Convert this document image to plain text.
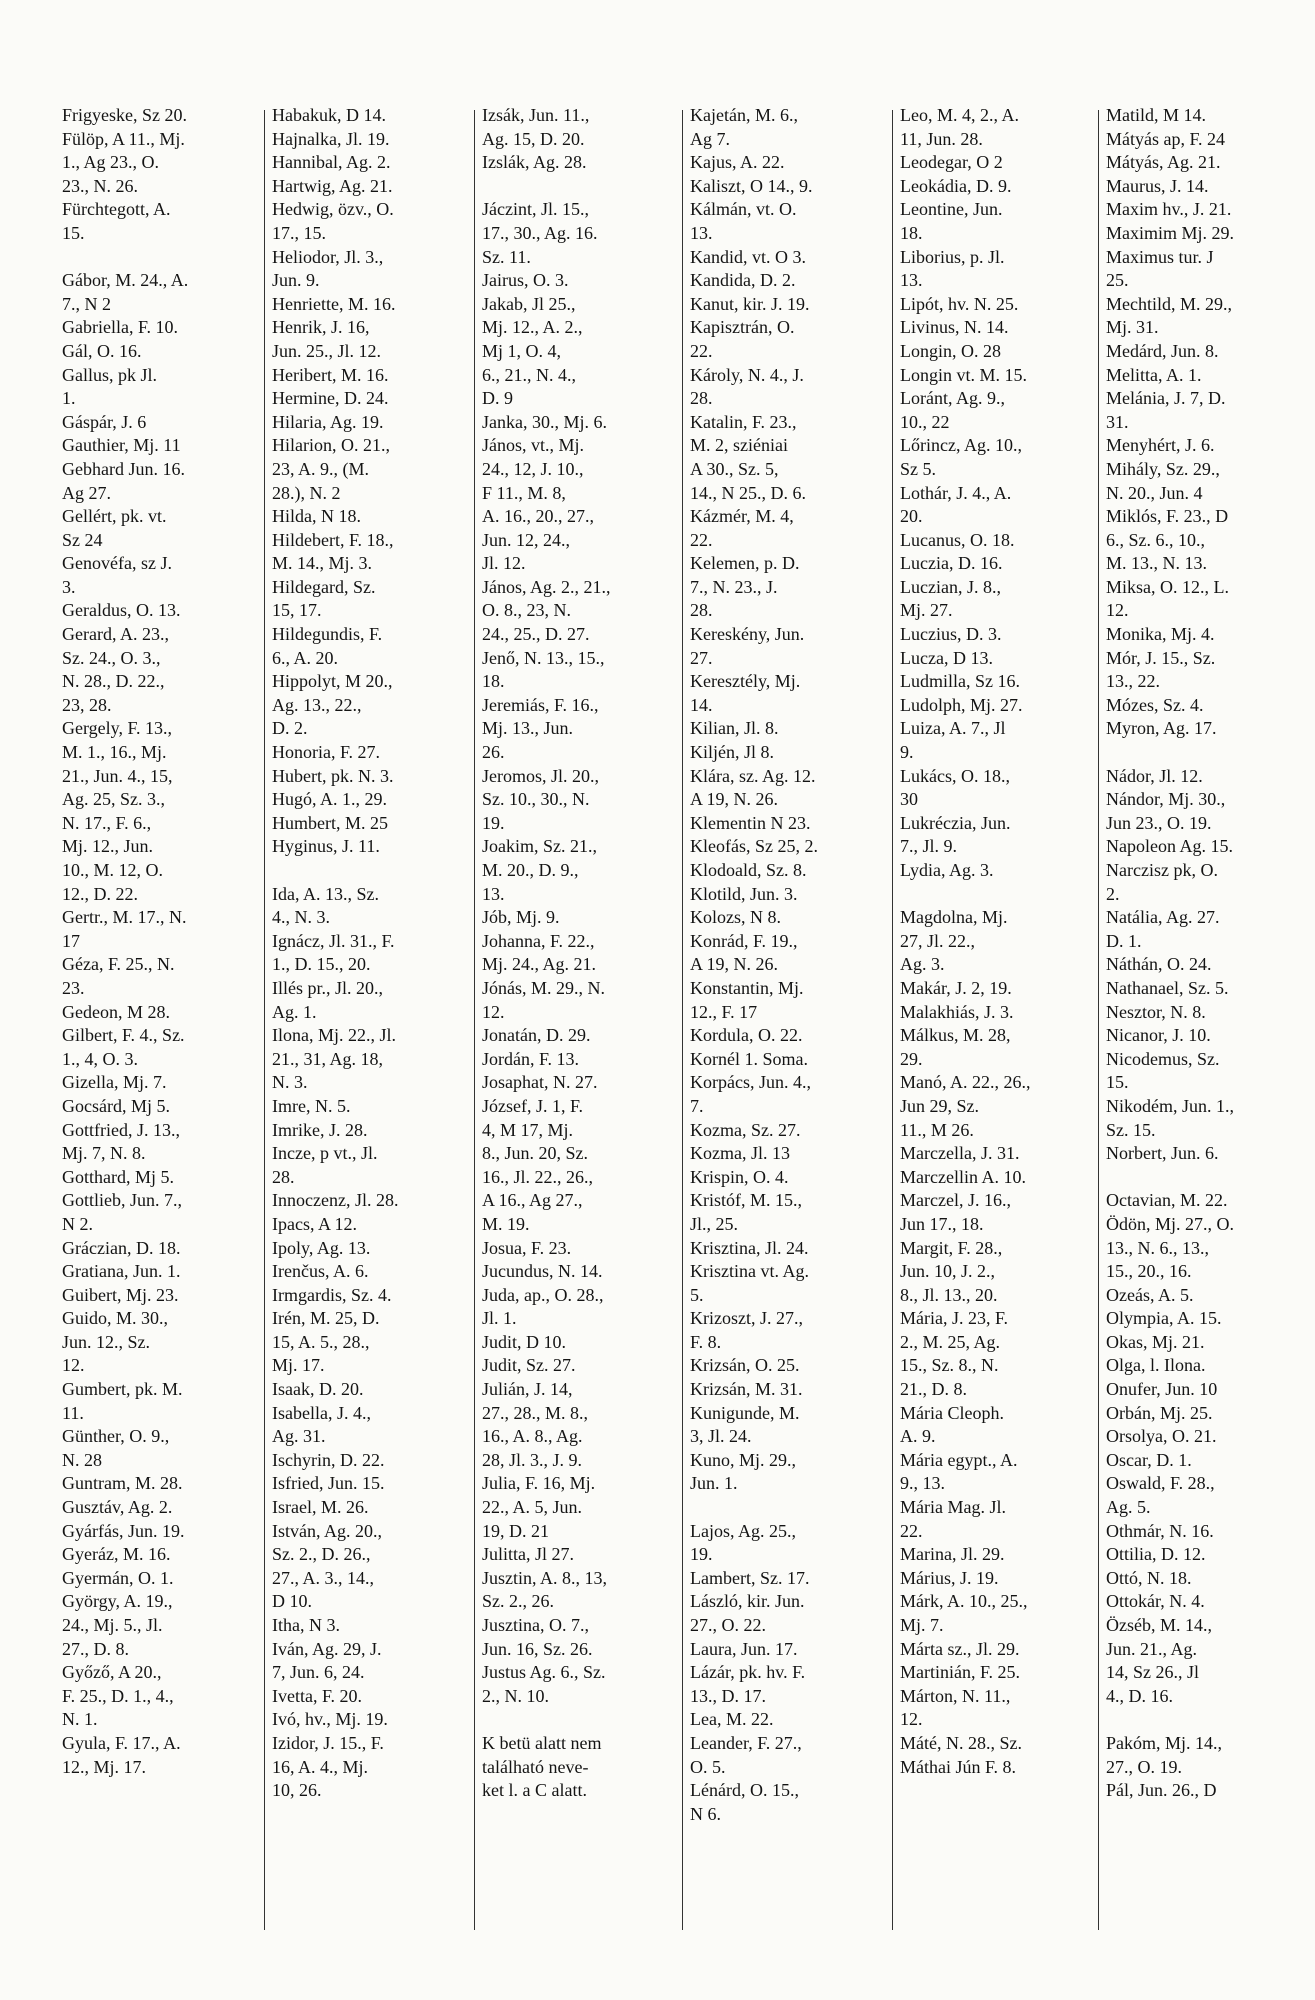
Frigyeske, Sz 20.
Fülöp, A 11., Mj.
1., Ag 23., O.
23., N. 26.
Fürchtegott, A.
15.
Gábor, M. 24., A.
7., N 2
Gabriella, F. 10.
Gál, O. 16.
Gallus, pk Jl.
1.
Gáspár, J. 6
Gauthier, Mj. 11
Gebhard Jun. 16.
Ag 27.
Gellért, pk. vt.
Sz 24
Genovéfa, sz J.
3.
Geraldus, O. 13.
Gerard, A. 23.,
Sz. 24., O. 3.,
N. 28., D. 22.,
23, 28.
Gergely, F. 13.,
M. 1., 16., Mj.
21., Jun. 4., 15,
Ag. 25, Sz. 3.,
N. 17., F. 6.,
Mj. 12., Jun.
10., M. 12, O.
12., D. 22.
Gertr., M. 17., N.
17
Géza, F. 25., N.
23.
Gedeon, M 28.
Gilbert, F. 4., Sz.
1., 4, O. 3.
Gizella, Mj. 7.
Gocsárd, Mj 5.
Gottfried, J. 13.,
Mj. 7, N. 8.
Gotthard, Mj 5.
Gottlieb, Jun. 7.,
N 2.
Gráczian, D. 18.
Gratiana, Jun. 1.
Guibert, Mj. 23.
Guido, M. 30.,
Jun. 12., Sz.
12.
Gumbert, pk. M.
11.
Günther, O. 9.,
N. 28
Guntram, M. 28.
Gusztáv, Ag. 2.
Gyárfás, Jun. 19.
Gyeráz, M. 16.
Gyermán, O. 1.
György, A. 19.,
24., Mj. 5., Jl.
27., D. 8.
Győző, A 20.,
F. 25., D. 1., 4.,
N. 1.
Gyula, F. 17., A.
12., Mj. 17.
Habakuk, D 14.
Hajnalka, Jl. 19.
Hannibal, Ag. 2.
Hartwig, Ag. 21.
Hedwig, özv., O.
17., 15.
Heliodor, Jl. 3.,
Jun. 9.
Henriette, M. 16.
Henrik, J. 16,
Jun. 25., Jl. 12.
Heribert, M. 16.
Hermine, D. 24.
Hilaria, Ag. 19.
Hilarion, O. 21.,
23, A. 9., (M.
28.), N. 2
Hilda, N 18.
Hildebert, F. 18.,
M. 14., Mj. 3.
Hildegard, Sz.
15, 17.
Hildegundis, F.
6., A. 20.
Hippolyt, M 20.,
Ag. 13., 22.,
D. 2.
Honoria, F. 27.
Hubert, pk. N. 3.
Hugó, A. 1., 29.
Humbert, M. 25
Hyginus, J. 11.
Ida, A. 13., Sz.
4., N. 3.
Ignácz, Jl. 31., F.
1., D. 15., 20.
Illés pr., Jl. 20.,
Ag. 1.
Ilona, Mj. 22., Jl.
21., 31, Ag. 18,
N. 3.
Imre, N. 5.
Imrike, J. 28.
Incze, p vt., Jl.
28.
Innoczenz, Jl. 28.
Ipacs, A 12.
Ipoly, Ag. 13.
Irenčus, A. 6.
Irmgardis, Sz. 4.
Irén, M. 25, D.
15, A. 5., 28.,
Mj. 17.
Isaak, D. 20.
Isabella, J. 4.,
Ag. 31.
Ischyrin, D. 22.
Isfried, Jun. 15.
Israel, M. 26.
István, Ag. 20.,
Sz. 2., D. 26.,
27., A. 3., 14.,
D 10.
Itha, N 3.
Iván, Ag. 29, J.
7, Jun. 6, 24.
Ivetta, F. 20.
Ivó, hv., Mj. 19.
Izidor, J. 15., F.
16, A. 4., Mj.
10, 26.
Izsák, Jun. 11.,
Ag. 15, D. 20.
Izslák, Ag. 28.
Jáczint, Jl. 15.,
17., 30., Ag. 16.
Sz. 11.
Jairus, O. 3.
Jakab, Jl 25.,
Mj. 12., A. 2.,
Mj 1, O. 4,
6., 21., N. 4.,
D. 9
Janka, 30., Mj. 6.
János, vt., Mj.
24., 12, J. 10.,
F 11., M. 8,
A. 16., 20., 27.,
Jun. 12, 24.,
Jl. 12.
János, Ag. 2., 21.,
O. 8., 23, N.
24., 25., D. 27.
Jenő, N. 13., 15.,
18.
Jeremiás, F. 16.,
Mj. 13., Jun.
26.
Jeromos, Jl. 20.,
Sz. 10., 30., N.
19.
Joakim, Sz. 21.,
M. 20., D. 9.,
13.
Jób, Mj. 9.
Johanna, F. 22.,
Mj. 24., Ag. 21.
Jónás, M. 29., N.
12.
Jonatán, D. 29.
Jordán, F. 13.
Josaphat, N. 27.
József, J. 1, F.
4, M 17, Mj.
8., Jun. 20, Sz.
16., Jl. 22., 26.,
A 16., Ag 27.,
M. 19.
Josua, F. 23.
Jucundus, N. 14.
Juda, ap., O. 28.,
Jl. 1.
Judit, D 10.
Judit, Sz. 27.
Julián, J. 14,
27., 28., M. 8.,
16., A. 8., Ag.
28, Jl. 3., J. 9.
Julia, F. 16, Mj.
22., A. 5, Jun.
19, D. 21
Julitta, Jl 27.
Jusztin, A. 8., 13,
Sz. 2., 26.
Jusztina, O. 7.,
Jun. 16, Sz. 26.
Justus Ag. 6., Sz.
2., N. 10.
K betü alatt nem
található neve-
ket l. a C alatt.
Kajetán, M. 6.,
Ag 7.
Kajus, A. 22.
Kaliszt, O 14., 9.
Kálmán, vt. O.
13.
Kandid, vt. O 3.
Kandida, D. 2.
Kanut, kir. J. 19.
Kapisztrán, O.
22.
Károly, N. 4., J.
28.
Katalin, F. 23.,
M. 2, sziéniai
A 30., Sz. 5,
14., N 25., D. 6.
Kázmér, M. 4,
22.
Kelemen, p. D.
7., N. 23., J.
28.
Kereskény, Jun.
27.
Keresztély, Mj.
14.
Kilian, Jl. 8.
Kiljén, Jl 8.
Klára, sz. Ag. 12.
A 19, N. 26.
Klementin N 23.
Kleofás, Sz 25, 2.
Klodoald, Sz. 8.
Klotild, Jun. 3.
Kolozs, N 8.
Konrád, F. 19.,
A 19, N. 26.
Konstantin, Mj.
12., F. 17
Kordula, O. 22.
Kornél 1. Soma.
Korpács, Jun. 4.,
7.
Kozma, Sz. 27.
Kozma, Jl. 13
Krispin, O. 4.
Kristóf, M. 15.,
Jl., 25.
Krisztina, Jl. 24.
Krisztina vt. Ag.
5.
Krizoszt, J. 27.,
F. 8.
Krizsán, O. 25.
Krizsán, M. 31.
Kunigunde, M.
3, Jl. 24.
Kuno, Mj. 29.,
Jun. 1.
Lajos, Ag. 25.,
19.
Lambert, Sz. 17.
László, kir. Jun.
27., O. 22.
Laura, Jun. 17.
Lázár, pk. hv. F.
13., D. 17.
Lea, M. 22.
Leander, F. 27.,
O. 5.
Lénárd, O. 15.,
N 6.
Leo, M. 4, 2., A.
11, Jun. 28.
Leodegar, O 2
Leokádia, D. 9.
Leontine, Jun.
18.
Liborius, p. Jl.
13.
Lipót, hv. N. 25.
Livinus, N. 14.
Longin, O. 28
Longin vt. M. 15.
Loránt, Ag. 9.,
10., 22
Lőrincz, Ag. 10.,
Sz 5.
Lothár, J. 4., A.
20.
Lucanus, O. 18.
Luczia, D. 16.
Luczian, J. 8.,
Mj. 27.
Luczius, D. 3.
Lucza, D 13.
Ludmilla, Sz 16.
Ludolph, Mj. 27.
Luiza, A. 7., Jl
9.
Lukács, O. 18.,
30
Lukréczia, Jun.
7., Jl. 9.
Lydia, Ag. 3.
Magdolna, Mj.
27, Jl. 22.,
Ag. 3.
Makár, J. 2, 19.
Malakhiás, J. 3.
Málkus, M. 28,
29.
Manó, A. 22., 26.,
Jun 29, Sz.
11., M 26.
Marczella, J. 31.
Marczellin A. 10.
Marczel, J. 16.,
Jun 17., 18.
Margit, F. 28.,
Jun. 10, J. 2.,
8., Jl. 13., 20.
Mária, J. 23, F.
2., M. 25, Ag.
15., Sz. 8., N.
21., D. 8.
Mária Cleoph.
A. 9.
Mária egypt., A.
9., 13.
Mária Mag. Jl.
22.
Marina, Jl. 29.
Márius, J. 19.
Márk, A. 10., 25.,
Mj. 7.
Márta sz., Jl. 29.
Martinián, F. 25.
Márton, N. 11.,
12.
Máté, N. 28., Sz.
Máthai Jún F. 8.
Matild, M 14.
Mátyás ap, F. 24
Mátyás, Ag. 21.
Maurus, J. 14.
Maxim hv., J. 21.
Maximim Mj. 29.
Maximus tur. J
25.
Mechtild, M. 29.,
Mj. 31.
Medárd, Jun. 8.
Melitta, A. 1.
Melánia, J. 7, D.
31.
Menyhért, J. 6.
Mihály, Sz. 29.,
N. 20., Jun. 4
Miklós, F. 23., D
6., Sz. 6., 10.,
M. 13., N. 13.
Miksa, O. 12., L.
12.
Monika, Mj. 4.
Mór, J. 15., Sz.
13., 22.
Mózes, Sz. 4.
Myron, Ag. 17.
Nádor, Jl. 12.
Nándor, Mj. 30.,
Jun 23., O. 19.
Napoleon Ag. 15.
Narczisz pk, O.
2.
Natália, Ag. 27.
D. 1.
Náthán, O. 24.
Nathanael, Sz. 5.
Nesztor, N. 8.
Nicanor, J. 10.
Nicodemus, Sz.
15.
Nikodém, Jun. 1.,
Sz. 15.
Norbert, Jun. 6.
Octavian, M. 22.
Ödön, Mj. 27., O.
13., N. 6., 13.,
15., 20., 16.
Ozeás, A. 5.
Olympia, A. 15.
Okas, Mj. 21.
Olga, l. Ilona.
Onufer, Jun. 10
Orbán, Mj. 25.
Orsolya, O. 21.
Oscar, D. 1.
Oswald, F. 28.,
Ag. 5.
Othmár, N. 16.
Ottilia, D. 12.
Ottó, N. 18.
Ottokár, N. 4.
Özséb, M. 14.,
Jun. 21., Ag.
14, Sz 26., Jl
4., D. 16.
Pakóm, Mj. 14.,
27., O. 19.
Pál, Jun. 26., D
